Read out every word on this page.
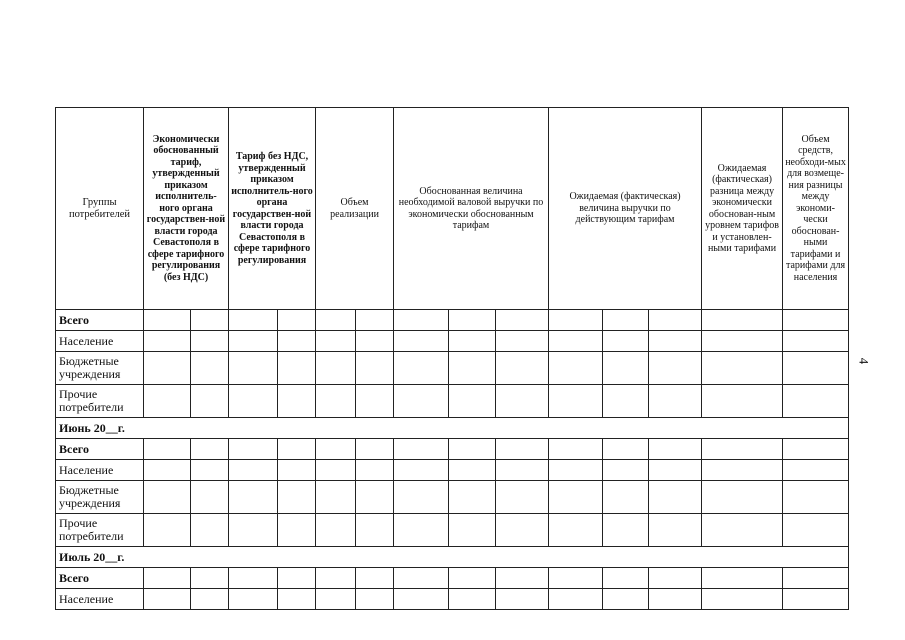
Группы потребителей	Экономически обоснованный тариф, утвержденный приказом исполнитель-ного органа государствен-ной власти города Севастополя в сфере тарифного регулирования (без НДС)		Тариф без НДС, утвержденный приказом исполнитель-ного органа государствен-ной власти города Севастополя в сфере тарифного регулирования		Объем реализации		Обоснованная величина необходимой валовой выручки по экономически обоснованным тарифам			Ожидаемая (фактическая) величина выручки по действующим тарифам			Ожидаемая (фактическая) разница между экономически обоснован-ным уровнем тарифов и установлен-ными тарифами	Объем средств, необходи-мых для возмеще-ния разницы между экономи-чески обоснован-ными тарифами и тарифами для населения
Всего														
Население														
Бюджетные учреждения														
Прочие потребители														
Июнь 20__г.														
Всего														
Население														
Бюджетные учреждения														
Прочие потребители														
Июль 20__г.														
Всего														
Население														
4
